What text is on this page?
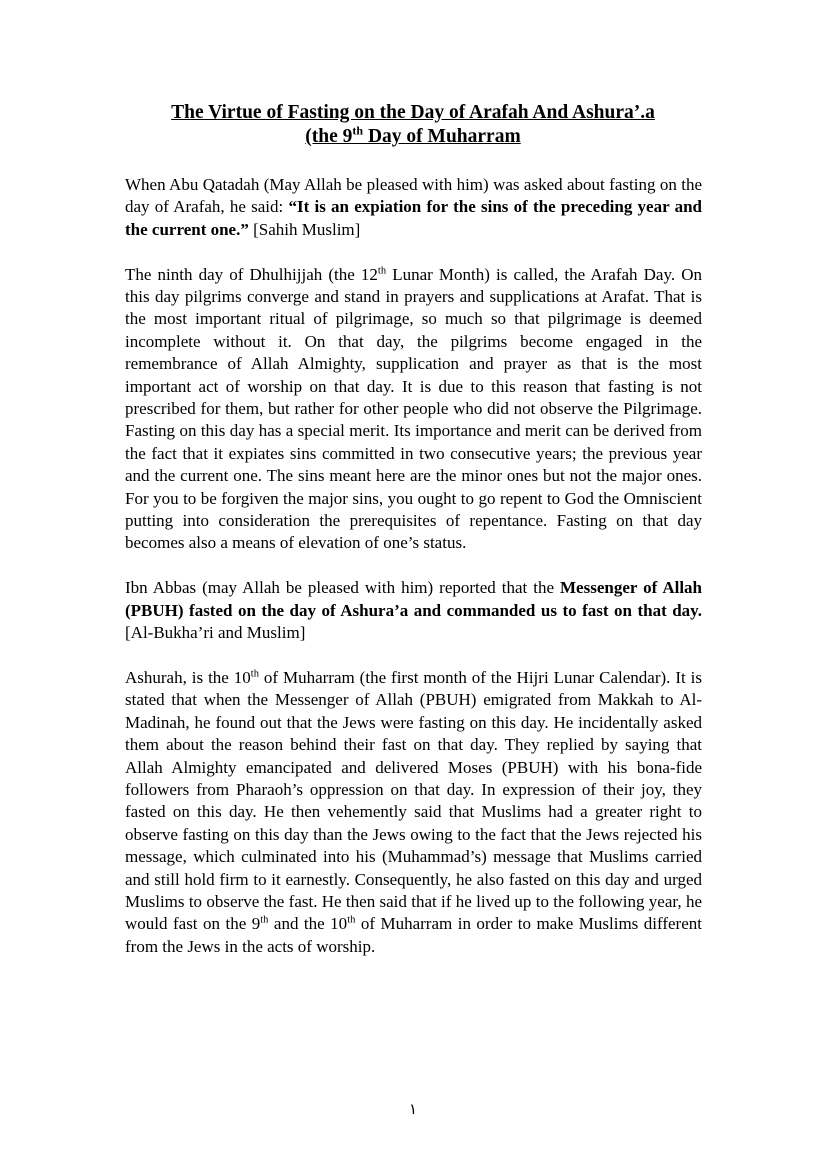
The Virtue of Fasting on the Day of Arafah And Ashura’.a
(the 9th Day of Muharram

When Abu Qatadah (May Allah be pleased with him) was asked about fasting on the day of Arafah, he said: “It is an expiation for the sins of the preceding year and the current one.” [Sahih Muslim]

The ninth day of Dhulhijjah (the 12th Lunar Month) is called, the Arafah Day. On this day pilgrims converge and stand in prayers and supplications at Arafat. That is the most important ritual of pilgrimage, so much so that pilgrimage is deemed incomplete without it. On that day, the pilgrims become engaged in the remembrance of Allah Almighty, supplication and prayer as that is the most important act of worship on that day. It is due to this reason that fasting is not prescribed for them, but rather for other people who did not observe the Pilgrimage. Fasting on this day has a special merit. Its importance and merit can be derived from the fact that it expiates sins committed in two consecutive years; the previous year and the current one. The sins meant here are the minor ones but not the major ones. For you to be forgiven the major sins, you ought to go repent to God the Omniscient putting into consideration the prerequisites of repentance. Fasting on that day becomes also a means of elevation of one’s status.

Ibn Abbas (may Allah be pleased with him) reported that the Messenger of Allah (PBUH) fasted on the day of Ashura’a and commanded us to fast on that day. [Al-Bukha’ri and Muslim]

Ashurah, is the 10th of Muharram (the first month of the Hijri Lunar Calendar). It is stated that when the Messenger of Allah (PBUH) emigrated from Makkah to Al-Madinah, he found out that the Jews were fasting on this day. He incidentally asked them about the reason behind their fast on that day. They replied by saying that Allah Almighty emancipated and delivered Moses (PBUH) with his bona-fide followers from Pharaoh’s oppression on that day. In expression of their joy, they fasted on this day. He then vehemently said that Muslims had a greater right to observe fasting on this day than the Jews owing to the fact that the Jews rejected his message, which culminated into his (Muhammad’s) message that Muslims carried and still hold firm to it earnestly. Consequently, he also fasted on this day and urged Muslims to observe the fast. He then said that if he lived up to the following year, he would fast on the 9th and the 10th of Muharram in order to make Muslims different from the Jews in the acts of worship.

١
